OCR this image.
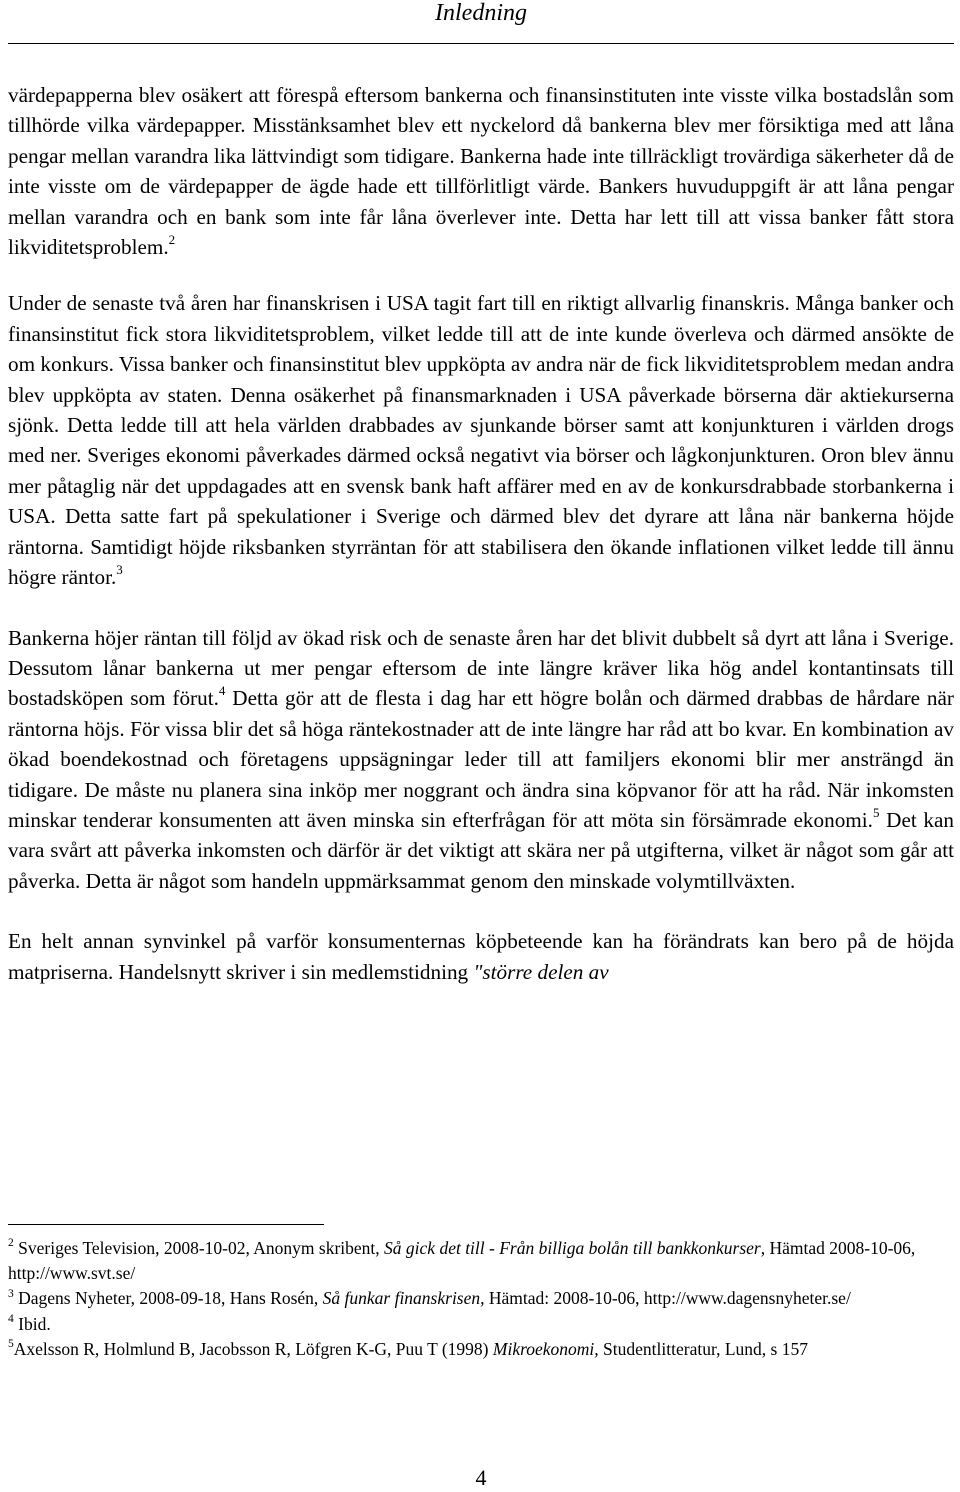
Inledning

värdepapperna blev osäkert att förespå eftersom bankerna och finansinstituten inte visste vilka bostadslån som tillhörde vilka värdepapper. Misstänksamhet blev ett nyckelord då bankerna blev mer försiktiga med att låna pengar mellan varandra lika lättvindigt som tidigare. Bankerna hade inte tillräckligt trovärdiga säkerheter då de inte visste om de värdepapper de ägde hade ett tillförlitligt värde. Bankers huvuduppgift är att låna pengar mellan varandra och en bank som inte får låna överlever inte. Detta har lett till att vissa banker fått stora likviditetsproblem.$^2$

Under de senaste två åren har finanskrisen i USA tagit fart till en riktigt allvarlig finanskris. Många banker och finansinstitut fick stora likviditetsproblem, vilket ledde till att de inte kunde överleva och därmed ansökte de om konkurs. Vissa banker och finansinstitut blev uppköpta av andra när de fick likviditetsproblem medan andra blev uppköpta av staten. Denna osäkerhet på finansmarknaden i USA påverkade börserna där aktiekurserna sjönk. Detta ledde till att hela världen drabbades av sjunkande börser samt att konjunkturen i världen drogs med ner. Sveriges ekonomi påverkades därmed också negativt via börser och lågkonjunkturen. Oron blev ännu mer påtaglig när det uppdagades att en svensk bank haft affärer med en av de konkursdrabbade storbankerna i USA. Detta satte fart på spekulationer i Sverige och därmed blev det dyrare att låna när bankerna höjde räntorna. Samtidigt höjde riksbanken styrräntan för att stabilisera den ökande inflationen vilket ledde till ännu högre räntor.$^3$

Bankerna höjer räntan till följd av ökad risk och de senaste åren har det blivit dubbelt så dyrt att låna i Sverige. Dessutom lånar bankerna ut mer pengar eftersom de inte längre kräver lika hög andel kontantinsats till bostadsköpen som förut.$^4$ Detta gör att de flesta i dag har ett högre bolån och därmed drabbas de hårdare när räntorna höjs. För vissa blir det så höga räntekostnader att de inte längre har råd att bo kvar. En kombination av ökad boendekostnad och företagens uppsägningar leder till att familjers ekonomi blir mer ansträngd än tidigare. De måste nu planera sina inköp mer noggrant och ändra sina köpvanor för att ha råd. När inkomsten minskar tenderar konsumenten att även minska sin efterfrågan för att möta sin försämrade ekonomi.$^5$ Det kan vara svårt att påverka inkomsten och därför är det viktigt att skära ner på utgifterna, vilket är något som går att påverka. Detta är något som handeln uppmärksammat genom den minskade volymtillväxten.

En helt annan synvinkel på varför konsumenternas köpbeteende kan ha förändrats kan bero på de höjda matpriserna. Handelsnytt skriver i sin medlemstidning "större delen av

$^2$ Sveriges Television, 2008-10-02, Anonym skribent, Så gick det till - Från billiga bolån till bankkonkurser, Hämtad 2008-10-06, http://www.svt.se/

$^3$ Dagens Nyheter, 2008-09-18, Hans Rosén, Så funkar finanskrisen, Hämtad: 2008-10-06, http://www.dagensnyheter.se/

$^4$ Ibid.

$^5$Axelsson R, Holmlund B, Jacobsson R, Löfgren K-G, Puu T (1998) Mikroekonomi, Studentlitteratur, Lund, s 157

4
